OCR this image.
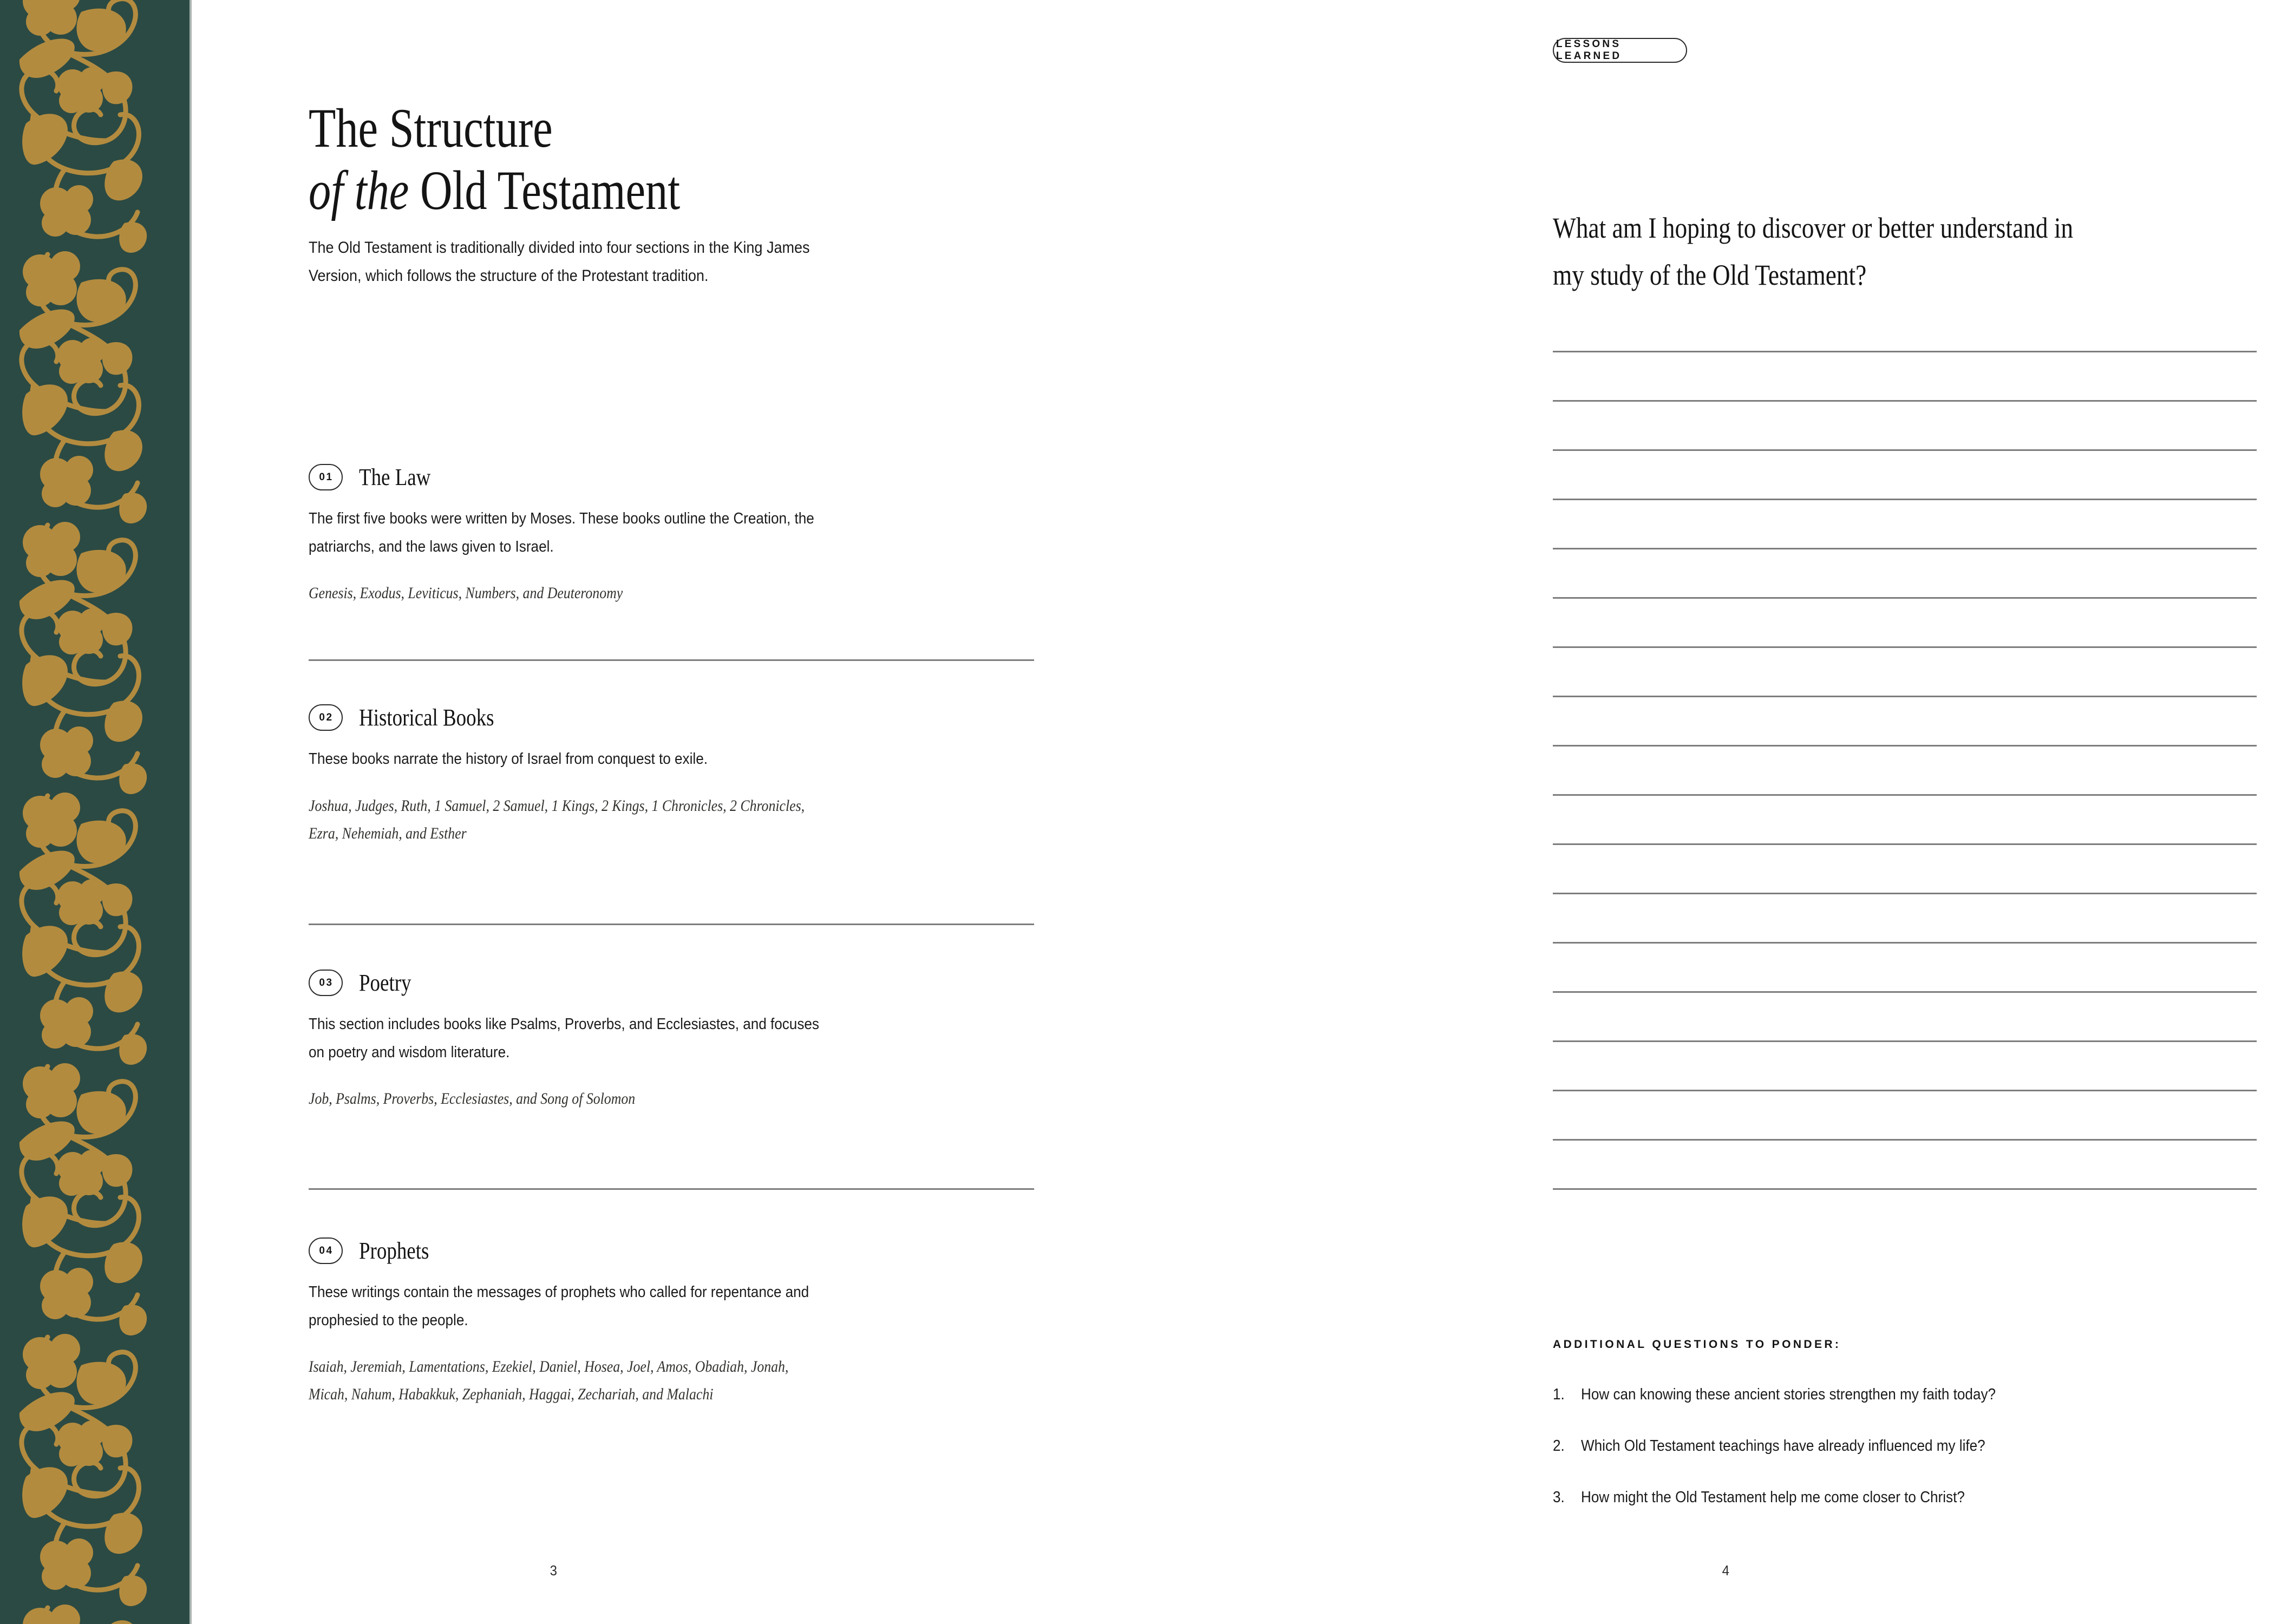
The Structure
of the Old Testament
The Old Testament is traditionally divided into four sections in the King James Version, which follows the structure of the Protestant tradition.
01	The Law
The first five books were written by Moses. These books outline the Creation, the patriarchs, and the laws given to Israel.
Genesis, Exodus, Leviticus, Numbers, and Deuteronomy
02	Historical Books
These books narrate the history of Israel from conquest to exile.
Joshua, Judges, Ruth, 1 Samuel, 2 Samuel, 1 Kings, 2 Kings, 1 Chronicles, 2 Chronicles, Ezra, Nehemiah, and Esther
03	Poetry
This section includes books like Psalms, Proverbs, and Ecclesiastes, and focuses on poetry and wisdom literature.
Job, Psalms, Proverbs, Ecclesiastes, and Song of Solomon
04	Prophets
These writings contain the messages of prophets who called for repentance and prophesied to the people.
Isaiah, Jeremiah, Lamentations, Ezekiel, Daniel, Hosea, Joel, Amos, Obadiah, Jonah, Micah, Nahum, Habakkuk, Zephaniah, Haggai, Zechariah, and Malachi
3
LESSONS LEARNED
What am I hoping to discover or better understand in my study of the Old Testament?
ADDITIONAL QUESTIONS TO PONDER:
1. How can knowing these ancient stories strengthen my faith today?
2. Which Old Testament teachings have already influenced my life?
3. How might the Old Testament help me come closer to Christ?
4
